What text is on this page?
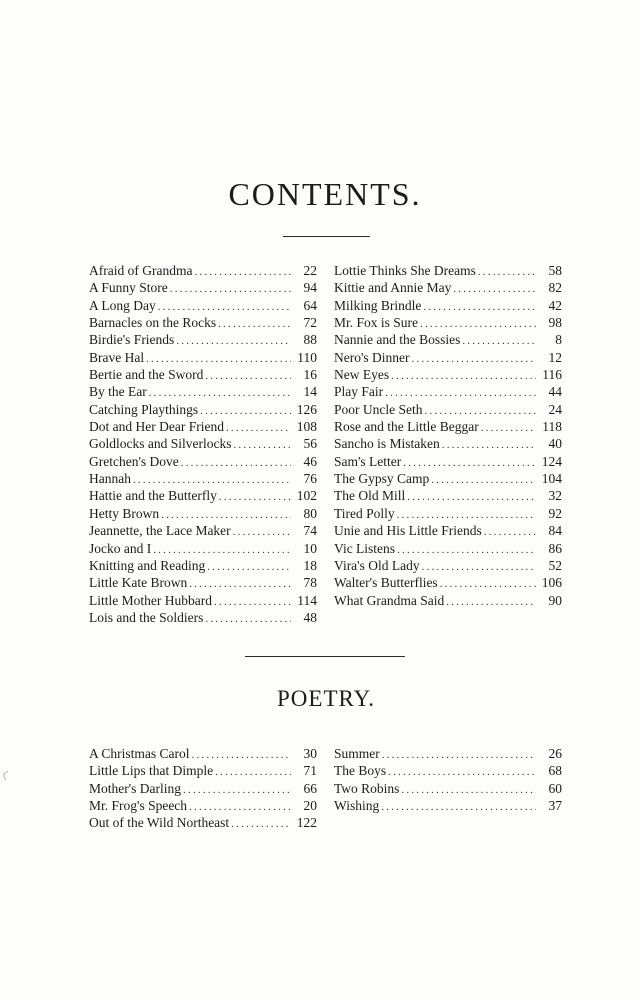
CONTENTS.
Afraid of Grandma .....	22
A Funny Store .....	94
A Long Day .....	64
Barnacles on the Rocks .....	72
Birdie's Friends .....	88
Brave Hal .....	110
Bertie and the Sword .....	16
By the Ear .....	14
Catching Playthings .....	126
Dot and Her Dear Friend .....	108
Goldlocks and Silverlocks .....	56
Gretchen's Dove .....	46
Hannah .....	76
Hattie and the Butterfly .....	102
Hetty Brown .....	80
Jeannette, the Lace Maker .....	74
Jocko and I .....	10
Knitting and Reading .....	18
Little Kate Brown .....	78
Little Mother Hubbard .....	114
Lois and the Soldiers .....	48
Lottie Thinks She Dreams .....	58
Kittie and Annie May .....	82
Milking Brindle .....	42
Mr. Fox is Sure .....	98
Nannie and the Bossies .....	8
Nero's Dinner .....	12
New Eyes .....	116
Play Fair .....	44
Poor Uncle Seth .....	24
Rose and the Little Beggar .....	118
Sancho is Mistaken .....	40
Sam's Letter .....	124
The Gypsy Camp .....	104
The Old Mill .....	32
Tired Polly .....	92
Unie and His Little Friends .....	84
Vic Listens .....	86
Vira's Old Lady .....	52
Walter's Butterflies .....	106
What Grandma Said .....	90
POETRY.
A Christmas Carol .....	30
Little Lips that Dimple .....	71
Mother's Darling .....	66
Mr. Frog's Speech .....	20
Out of the Wild Northeast .....	122
Summer .....	26
The Boys .....	68
Two Robins .....	60
Wishing .....	37
